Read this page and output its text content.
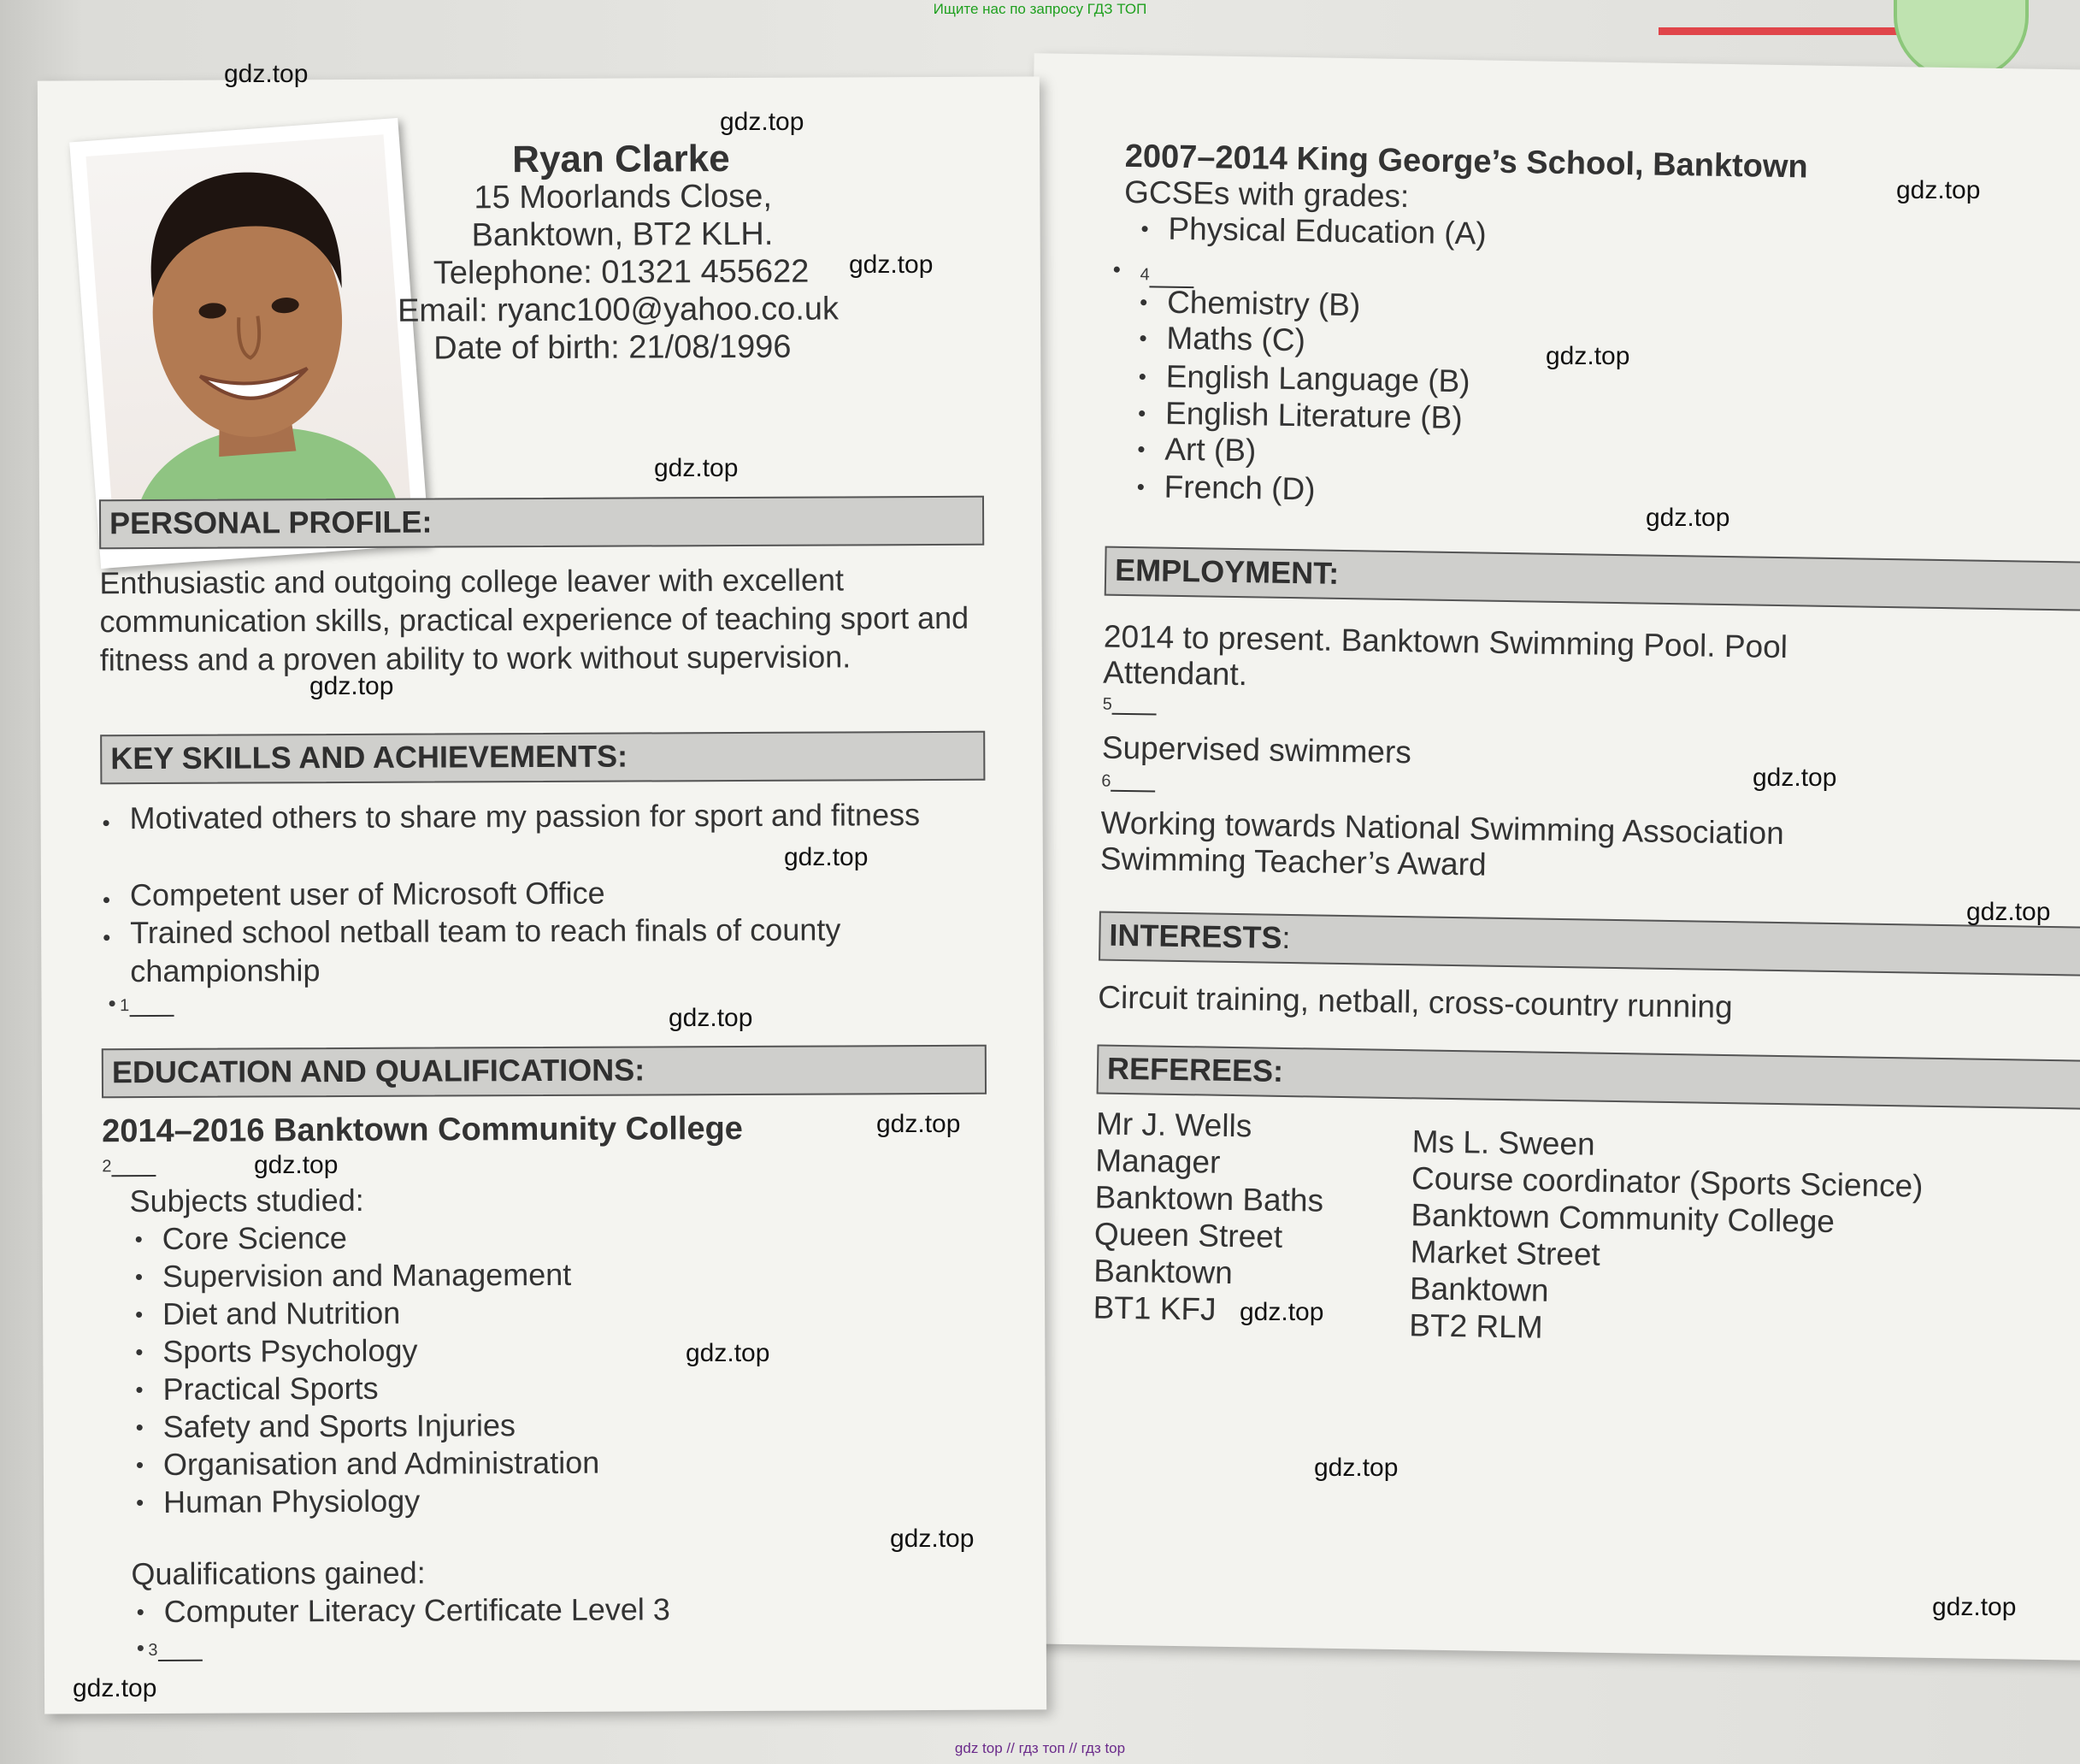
Ищите нас по запросу ГДЗ ТОП
2007–2014 King George’s School, Banktown
GCSEs with grades:
• Physical Education (A)
• 4
• Chemistry (B)
• Maths (C)
• English Language (B)
• English Literature (B)
• Art (B)
• French (D)
EMPLOYMENT:
2014 to present. Banktown Swimming Pool. Pool
Attendant.
5
Supervised swimmers
6
Working towards National Swimming Association
Swimming Teacher’s Award
INTERESTS:
Circuit training, netball, cross-country running
REFEREES:
Mr J. Wells
Manager
Banktown Baths
Queen Street
Banktown
BT1 KFJ
Ms L. Sween
Course coordinator (Sports Science)
Banktown Community College
Market Street
Banktown
BT2 RLM
Ryan Clarke
15 Moorlands Close,
Banktown, BT2 KLH.
Telephone: 01321 455622
Email: ryanc100@yahoo.co.uk
Date of birth: 21/08/1996
PERSONAL PROFILE:
Enthusiastic and outgoing college leaver with excellent communication skills, practical experience of teaching sport and fitness and a proven ability to work without supervision.
KEY SKILLS AND ACHIEVEMENTS:
• Motivated others to share my passion for sport and fitness
• Competent user of Microsoft Office
• Trained school netball team to reach finals of county championship
• 1
EDUCATION AND QUALIFICATIONS:
2014–2016 Banktown Community College
2
Subjects studied:
• Core Science
• Supervision and Management
• Diet and Nutrition
• Sports Psychology
• Practical Sports
• Safety and Sports Injuries
• Organisation and Administration
• Human Physiology
Qualifications gained:
• Computer Literacy Certificate Level 3
• 3
gdz.top
gdz.top
gdz.top
gdz.top
gdz.top
gdz.top
gdz.top
gdz.top
gdz.top
gdz.top
gdz.top
gdz.top
gdz.top
gdz.top
gdz.top
gdz.top
gdz.top
gdz.top
gdz.top
gdz.top
gdz top // гдз топ // гдз top
